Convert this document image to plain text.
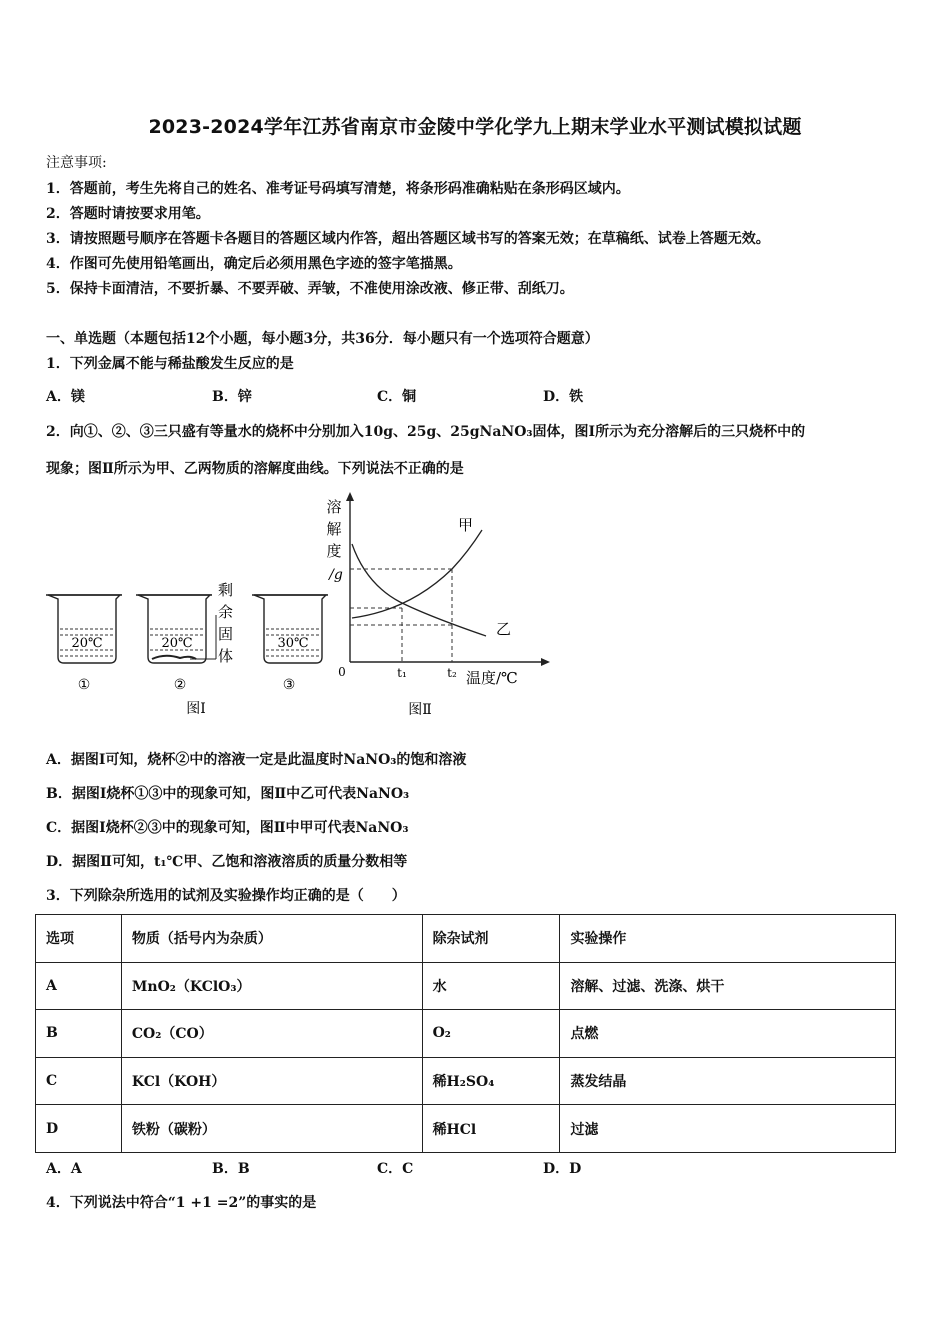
2023-2024学年江苏省南京市金陵中学化学九上期末学业水平测试模拟试题
注意事项:
1．答题前，考生先将自己的姓名、准考证号码填写清楚，将条形码准确粘贴在条形码区域内。
2．答题时请按要求用笔。
3．请按照题号顺序在答题卡各题目的答题区域内作答，超出答题区域书写的答案无效；在草稿纸、试卷上答题无效。
4．作图可先使用铅笔画出，确定后必须用黑色字迹的签字笔描黑。
5．保持卡面清洁，不要折暴、不要弄破、弄皱，不准使用涂改液、修正带、刮纸刀。
一、单选题（本题包括12个小题，每小题3分，共36分．每小题只有一个选项符合题意）
1．下列金属不能与稀盐酸发生反应的是
A．镁	B．锌	C．铜	D．铁
2．向①、②、③三只盛有等量水的烧杯中分别加入10g、25g、25gNaNO₃固体，图Ⅰ所示为充分溶解后的三只烧杯中的
现象；图Ⅱ所示为甲、乙两物质的溶解度曲线。下列说法不正确的是
20℃
①
20℃
②
剩
余
固
体
30℃
③
图Ⅰ
溶
解
度
/g
甲
乙
0	t₁	t₂ 温度/℃
图Ⅱ
A．据图Ⅰ可知，烧杯②中的溶液一定是此温度时NaNO₃的饱和溶液
B．据图Ⅰ烧杯①③中的现象可知，图Ⅱ中乙可代表NaNO₃
C．据图Ⅰ烧杯②③中的现象可知，图Ⅱ中甲可代表NaNO₃
D．据图Ⅱ可知，t₁℃甲、乙饱和溶液溶质的质量分数相等
3．下列除杂所选用的试剂及实验操作均正确的是（　　）
选项	物质（括号内为杂质）	除杂试剂	实验操作
A	MnO₂（KClO₃）	水	溶解、过滤、洗涤、烘干
B	CO₂（CO）	O₂	点燃
C	KCl（KOH）	稀H₂SO₄	蒸发结晶
D	铁粉（碳粉）	稀HCl	过滤
A．A	B．B	C．C	D．D
4．下列说法中符合“1 +1 =2”的事实的是
